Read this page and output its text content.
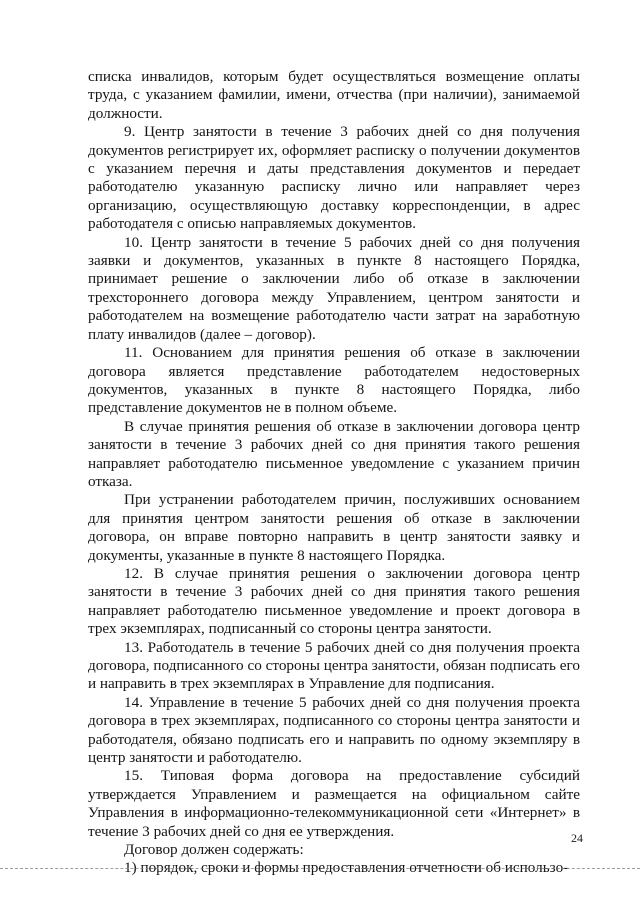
списка инвалидов, которым будет осуществляться возмещение оплаты труда, с указанием фамилии, имени, отчества (при наличии), занимаемой должности.

9. Центр занятости в течение 3 рабочих дней со дня получения документов регистрирует их, оформляет расписку о получении документов с указанием перечня и даты представления документов и передает работодателю указанную расписку лично или направляет через организацию, осуществляющую доставку корреспонденции, в адрес работодателя с описью направляемых документов.

10. Центр занятости в течение 5 рабочих дней со дня получения заявки и документов, указанных в пункте 8 настоящего Порядка, принимает решение о заключении либо об отказе в заключении трехстороннего договора между Управлением, центром занятости и работодателем на возмещение работодателю части затрат на заработную плату инвалидов (далее – договор).

11. Основанием для принятия решения об отказе в заключении договора является представление работодателем недостоверных документов, указанных в пункте 8 настоящего Порядка, либо представление документов не в полном объеме.

В случае принятия решения об отказе в заключении договора центр занятости в течение 3 рабочих дней со дня принятия такого решения направляет работодателю письменное уведомление с указанием причин отказа.

При устранении работодателем причин, послуживших основанием для принятия центром занятости решения об отказе в заключении договора, он вправе повторно направить в центр занятости заявку и документы, указанные в пункте 8 настоящего Порядка.

12. В случае принятия решения о заключении договора центр занятости в течение 3 рабочих дней со дня принятия такого решения направляет работодателю письменное уведомление и проект договора в трех экземплярах, подписанный со стороны центра занятости.

13. Работодатель в течение 5 рабочих дней со дня получения проекта договора, подписанного со стороны центра занятости, обязан подписать его и направить в трех экземплярах в Управление для подписания.

14. Управление в течение 5 рабочих дней со дня получения проекта договора в трех экземплярах, подписанного со стороны центра занятости и работодателя, обязано подписать его и направить по одному экземпляру в центр занятости и работодателю.

15. Типовая форма договора на предоставление субсидий утверждается Управлением и размещается на официальном сайте Управления в информационно-телекоммуникационной сети «Интернет» в течение 3 рабочих дней со дня ее утверждения.

Договор должен содержать:

1) порядок, сроки и формы предоставления отчетности об использо-

24
